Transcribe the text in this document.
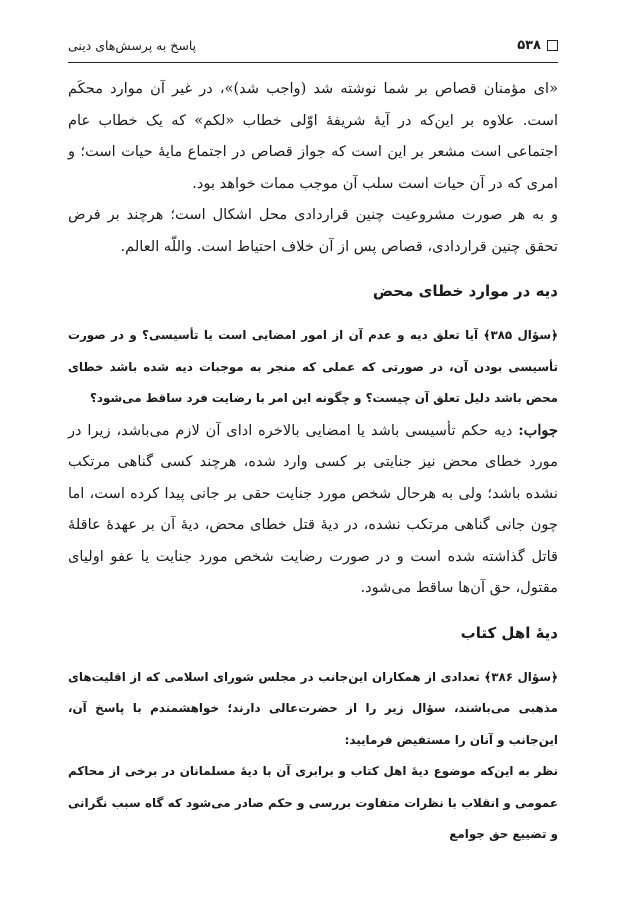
۵۳۸
پاسخ به پرسش‌های دینی

«ای مؤمنان قصاص بر شما نوشته شد (واجب شد)»، در غیر آن موارد محکَم است. علاوه بر این‌که در آیهٔ شریفهٔ اوّلی خطاب «لکم» که یک خطاب عام اجتماعی است مشعر بر این است که جواز قصاص در اجتماع مایهٔ حیات است؛ و امری که در آن حیات است سلب آن موجب ممات خواهد بود.

و به هر صورت مشروعیت چنین قراردادی محل اشکال است؛ هرچند بر فرض تحقق چنین قراردادی، قصاص پس از آن خلاف احتیاط است. واللّه العالم.

دیه در موارد خطای محض

﴿سؤال ۳۸۵﴾ آیا تعلق دیه و عدم آن از امور امضایی است یا تأسیسی؟ و در صورت تأسیسی بودن آن، در صورتی که عملی که منجر به موجبات دیه شده باشد خطای محض باشد دلیل تعلق آن چیست؟ و چگونه این امر با رضایت فرد ساقط می‌شود؟

جواب: دیه حکم تأسیسی باشد یا امضایی بالاخره ادای آن لازم می‌باشد، زیرا در مورد خطای محض نیز جنایتی بر کسی وارد شده، هرچند کسی گناهی مرتکب نشده باشد؛ ولی به هرحال شخص مورد جنایت حقی بر جانی پیدا کرده است، اما چون جانی گناهی مرتکب نشده، در دیهٔ قتل خطای محض، دیهٔ آن بر عهدهٔ عاقلهٔ قاتل گذاشته شده است و در صورت رضایت شخص مورد جنایت یا عفو اولیای مقتول، حق آن‌ها ساقط می‌شود.

دیهٔ اهل کتاب

﴿سؤال ۳۸۶﴾ تعدادی از همکاران این‌جانب در مجلس شورای اسلامی که از اقلیت‌های مذهبی می‌باشند، سؤال زیر را از حضرت‌عالی دارند؛ خواهشمندم با پاسخ آن، این‌جانب و آنان را مستفیض فرمایید:

نظر به این‌که موضوع دیهٔ اهل کتاب و برابری آن با دیهٔ مسلمانان در برخی از محاکم عمومی و انقلاب با نظرات متفاوت بررسی و حکم صادر می‌شود که گاه سبب نگرانی و تضییع حق جوامع
